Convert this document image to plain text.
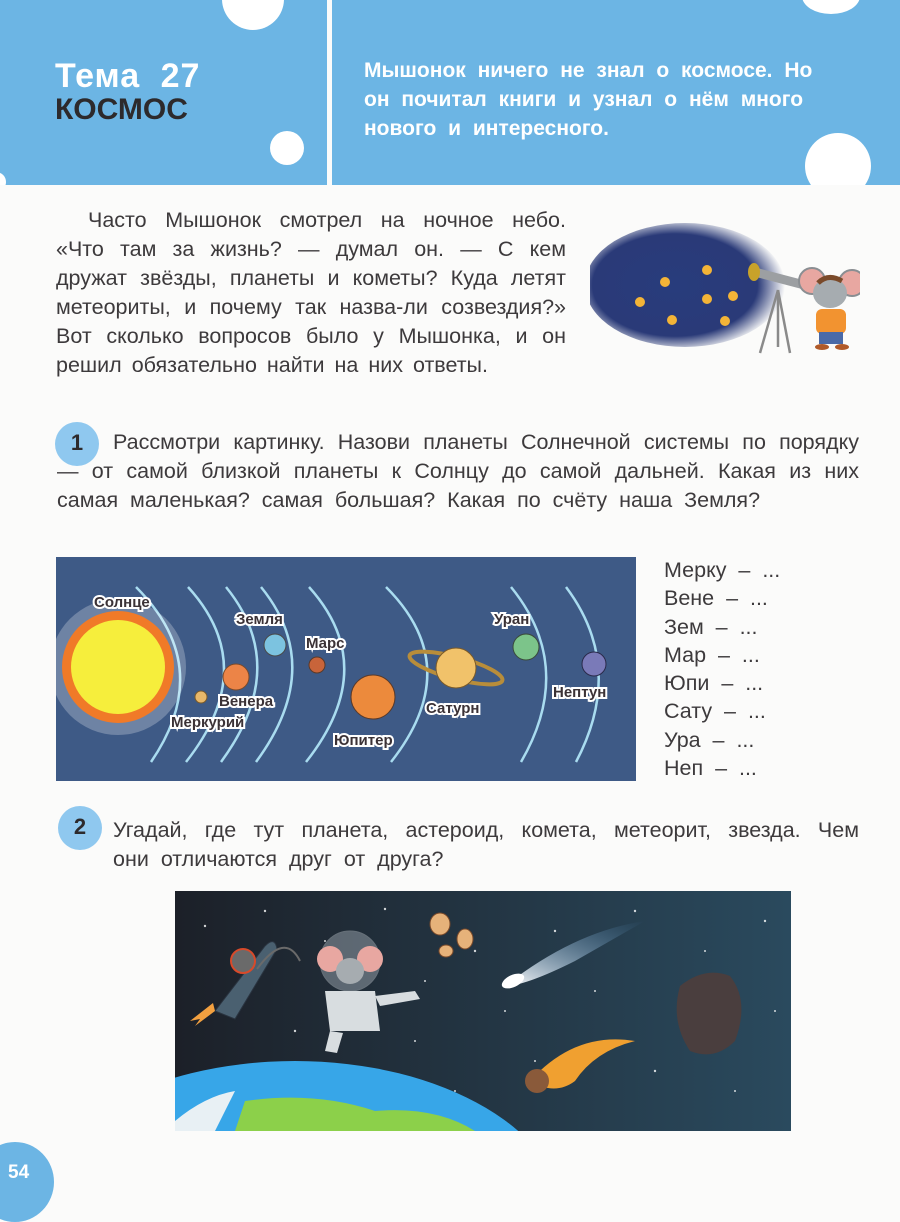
Тема 27
КОСМОС
Мышонок ничего не знал о космосе. Но он почитал книги и узнал о нём много нового и интересного.

Часто Мышонок смотрел на ночное небо. «Что там за жизнь? — думал он. — С кем дружат звёзды, планеты и кометы? Куда летят метеориты, и почему так назва-ли созвездия?» Вот сколько вопросов было у Мышонка, и он решил обязательно найти на них ответы.

1	Рассмотри картинку. Назови планеты Солнечной системы по порядку — от самой близкой планеты к Солнцу до самой дальней. Какая из них самая маленькая? самая большая? Какая по счёту наша Земля?
Солнце
Меркурий
Венера
Земля
Марс
Юпитер
Сатурн
Уран
Нептун
Мерку  –  ...
Вене  –  ...
Зем  –  ...
Мар  –  ...
Юпи  –  ...
Сату  –  ...
Ура  –  ...
Неп  –  ...
2	Угадай, где тут планета, астероид, комета, метеорит, звезда. Чем они отличаются друг от друга?
54
